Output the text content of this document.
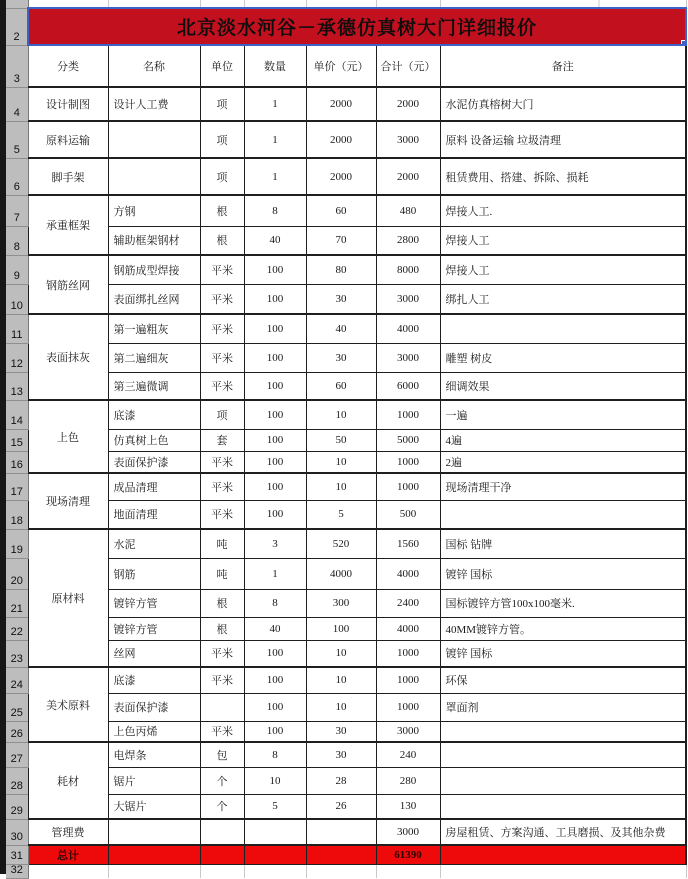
2	北京淡水河谷－承德仿真树大门详细报价						

3	分类	名称	单位	数量	单价（元）	合计（元）	备注
4	设计制图	设计人工费	项	1	2000	2000	水泥仿真榕树大门
5	原料运输		项	1	2000	3000	原料 设备运输 垃圾清理
6	脚手架		项	1	2000	2000	租赁费用、搭建、拆除、损耗
7	承重框架	方钢	根	8	60	480	焊接人工.
8		辅助框架钢材	根	40	70	2800	焊接人工
9	钢筋丝网	钢筋成型焊接	平米	100	80	8000	焊接人工
10		表面绑扎丝网	平米	100	30	3000	绑扎人工
11	表面抹灰	第一遍粗灰	平米	100	40	4000	
12		第二遍细灰	平米	100	30	3000	雕塑 树皮
13		第三遍微调	平米	100	60	6000	细调效果
14	上色	底漆	项	100	10	1000	一遍
15		仿真树上色	套	100	50	5000	4遍
16		表面保护漆	平米	100	10	1000	2遍
17	现场清理	成品清理	平米	100	10	1000	现场清理干净
18		地面清理	平米	100	5	500	
19	原材料	水泥	吨	3	520	1560	国标 钻牌
20		钢筋	吨	1	4000	4000	镀锌 国标
21		镀锌方管	根	8	300	2400	国标镀锌方管100x100毫米.
22		镀锌方管	根	40	100	4000	40MM镀锌方管。
23		丝网	平米	100	10	1000	镀锌 国标
24	美术原料	底漆	平米	100	10	1000	环保
25		表面保护漆		100	10	1000	罩面剂
26		上色丙烯	平米	100	30	3000	
27	耗材	电焊条	包	8	30	240	
28		锯片	个	10	28	280	
29		大锯片	个	5	26	130	
30	管理费					3000	房屋租赁、方案沟通、工具磨损、及其他杂费
31	总计					61390	
32							
